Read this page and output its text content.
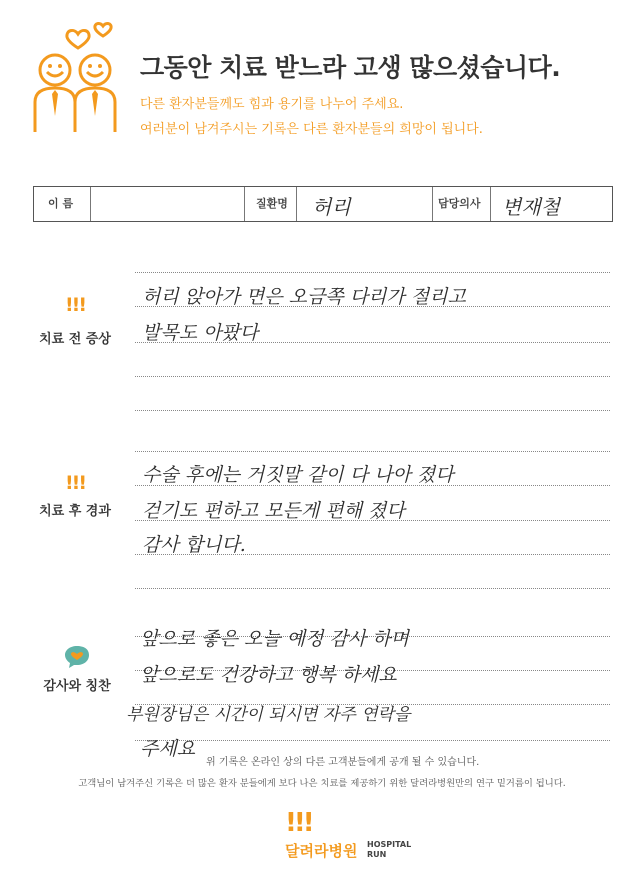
그동안 치료 받느라 고생 많으셨습니다.
다른 환자분들께도 힘과 용기를 나누어 주세요.
여러분이 남겨주시는 기록은 다른 환자분들의 희망이 됩니다.
이 름	질환명 허리	담당의사 변재철
!!!
치료 전 증상
허리 앉아가 면은 오금쪽 다리가 절리고
발목도 아팠다
!!!
치료 후 경과
수술 후에는 거짓말 같이 다 나아 졌다
걷기도 편하고 모든게 편해 졌다
감사 합니다.
감사와 칭찬
앞으로 좋은 오늘 예정 감사 하며
앞으로도 건강하고 행복 하세요
부원장님은 시간이 되시면 자주 연락을
주세요
위 기록은 온라인 상의 다른 고객분들에게 공개 될 수 있습니다.
고객님이 남겨주신 기록은 더 많은 환자 분들에게 보다 나은 치료를 제공하기 위한 달려라병원만의 연구 밑거름이 됩니다.
!!!
달려라병원 HOSPITAL
RUN
